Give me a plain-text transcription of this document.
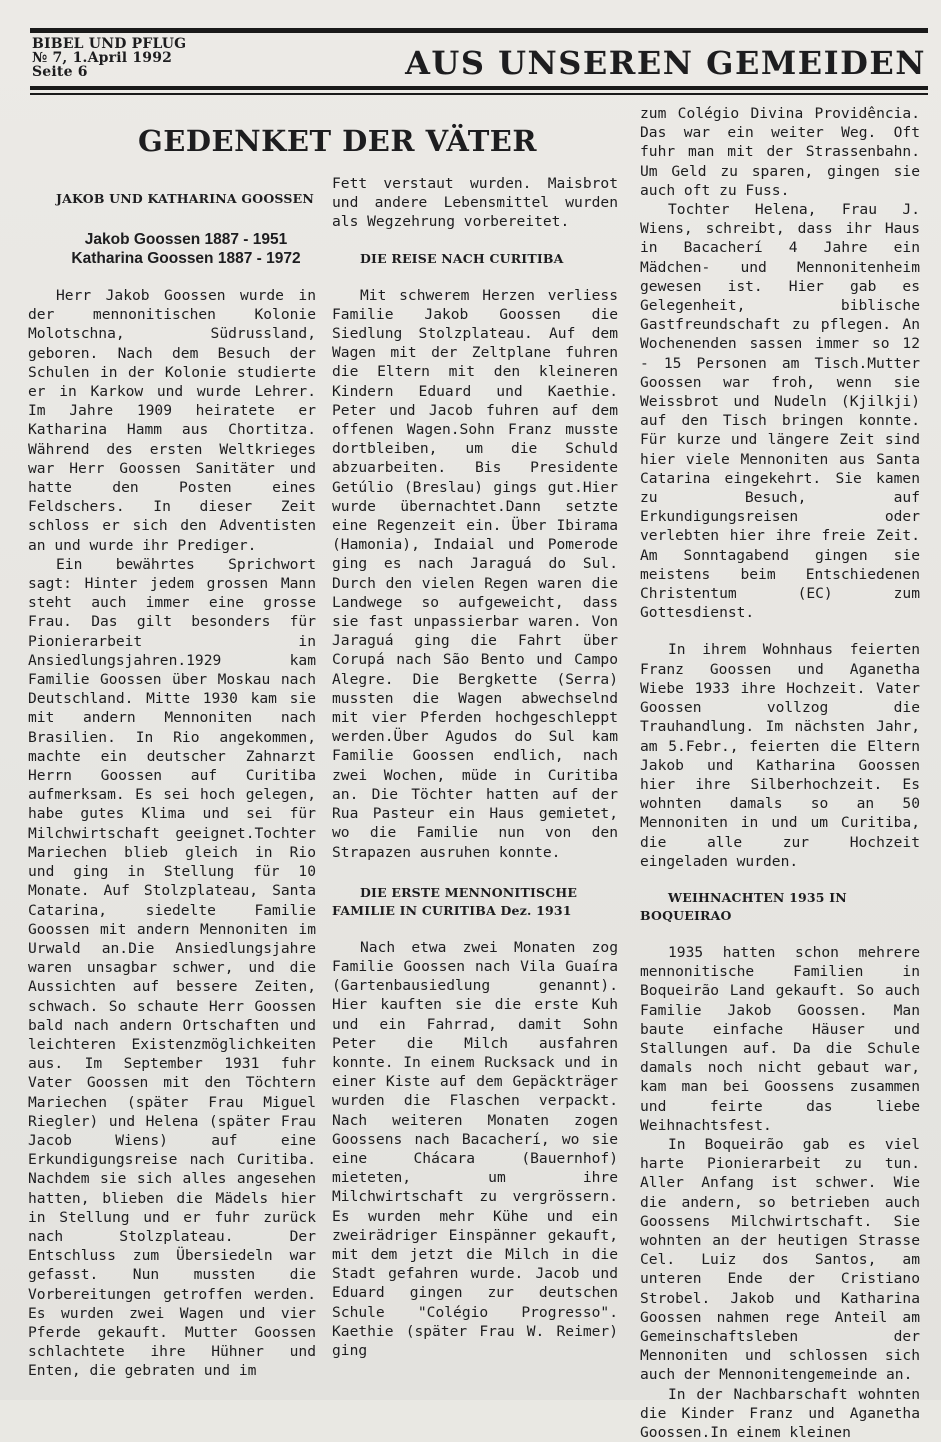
BIBEL UND PFLUG
№ 7, 1.April 1992
Seite 6	AUS UNSEREN GEMEIDEN
GEDENKET DER VÄTER

JAKOB UND KATHARINA GOOSSEN

Jakob Goossen 1887 - 1951

Katharina Goossen 1887 - 1972

Herr Jakob Goossen wurde in der mennonitischen Kolonie Molotschna, Südrussland, geboren. Nach dem Besuch der Schulen in der Kolonie studierte er in Karkow und wurde Lehrer. Im Jahre 1909 heiratete er Katharina Hamm aus Chortitza. Während des ersten Weltkrieges war Herr Goossen Sanitäter und hatte den Posten eines Feldschers. In dieser Zeit schloss er sich den Adventisten an und wurde ihr Prediger.

Ein bewährtes Sprichwort sagt: Hinter jedem grossen Mann steht auch immer eine grosse Frau. Das gilt besonders für Pionierarbeit in Ansiedlungsjahren.1929 kam Familie Goossen über Moskau nach Deutschland. Mitte 1930 kam sie mit andern Mennoniten nach Brasilien. In Rio angekommen, machte ein deutscher Zahnarzt Herrn Goossen auf Curitiba aufmerksam. Es sei hoch gelegen, habe gutes Klima und sei für Milchwirtschaft geeignet.Tochter Mariechen blieb gleich in Rio und ging in Stellung für 10 Monate. Auf Stolzplateau, Santa Catarina, siedelte Familie Goossen mit andern Mennoniten im Urwald an.Die Ansiedlungsjahre waren unsagbar schwer, und die Aussichten auf bessere Zeiten, schwach. So schaute Herr Goossen bald nach andern Ortschaften und leichteren Existenzmöglichkeiten aus. Im September 1931 fuhr Vater Goossen mit den Töchtern Mariechen (später Frau Miguel Riegler) und Helena (später Frau Jacob Wiens) auf eine Erkundigungsreise nach Curitiba. Nachdem sie sich alles angesehen hatten, blieben die Mädels hier in Stellung und er fuhr zurück nach Stolzplateau. Der Entschluss zum Übersiedeln war gefasst. Nun mussten die Vorbereitungen getroffen werden. Es wurden zwei Wagen und vier Pferde gekauft. Mutter Goossen schlachtete ihre Hühner und Enten, die gebraten und im

Fett verstaut wurden. Maisbrot und andere Lebensmittel wurden als Wegzehrung vorbereitet.

DIE REISE NACH CURITIBA

Mit schwerem Herzen verliess Familie Jakob Goossen die Siedlung Stolzplateau. Auf dem Wagen mit der Zeltplane fuhren die Eltern mit den kleineren Kindern Eduard und Kaethie. Peter und Jacob fuhren auf dem offenen Wagen.Sohn Franz musste dortbleiben, um die Schuld abzuarbeiten. Bis Presidente Getúlio (Breslau) gings gut.Hier wurde übernachtet.Dann setzte eine Regenzeit ein. Über Ibirama (Hamonia), Indaial und Pomerode ging es nach Jaraguá do Sul. Durch den vielen Regen waren die Landwege so aufgeweicht, dass sie fast unpassierbar waren. Von Jaraguá ging die Fahrt über Corupá nach São Bento und Campo Alegre. Die Bergkette (Serra) mussten die Wagen abwechselnd mit vier Pferden hochgeschleppt werden.Über Agudos do Sul kam Familie Goossen endlich, nach zwei Wochen, müde in Curitiba an. Die Töchter hatten auf der Rua Pasteur ein Haus gemietet, wo die Familie nun von den Strapazen ausruhen konnte.

DIE ERSTE MENNONITISCHE FAMILIE IN CURITIBA Dez. 1931

Nach etwa zwei Monaten zog Familie Goossen nach Vila Guaíra (Gartenbausiedlung genannt). Hier kauften sie die erste Kuh und ein Fahrrad, damit Sohn Peter die Milch ausfahren konnte. In einem Rucksack und in einer Kiste auf dem Gepäckträger wurden die Flaschen verpackt. Nach weiteren Monaten zogen Goossens nach Bacacherí, wo sie eine Chácara (Bauernhof) mieteten, um ihre Milchwirtschaft zu vergrössern. Es wurden mehr Kühe und ein zweirädriger Einspänner gekauft, mit dem jetzt die Milch in die Stadt gefahren wurde. Jacob und Eduard gingen zur deutschen Schule "Colégio Progresso". Kaethie (später Frau W. Reimer) ging

zum Colégio Divina Providência. Das war ein weiter Weg. Oft fuhr man mit der Strassenbahn. Um Geld zu sparen, gingen sie auch oft zu Fuss.

Tochter Helena, Frau J. Wiens, schreibt, dass ihr Haus in Bacacherí 4 Jahre ein Mädchen- und Mennonitenheim gewesen ist. Hier gab es Gelegenheit, biblische Gastfreundschaft zu pflegen. An Wochenenden sassen immer so 12 - 15 Personen am Tisch.Mutter Goossen war froh, wenn sie Weissbrot und Nudeln (Kjilkji) auf den Tisch bringen konnte. Für kurze und längere Zeit sind hier viele Mennoniten aus Santa Catarina eingekehrt. Sie kamen zu Besuch, auf Erkundigungsreisen oder verlebten hier ihre freie Zeit. Am Sonntagabend gingen sie meistens beim Entschiedenen Christentum (EC) zum Gottesdienst.

In ihrem Wohnhaus feierten Franz Goossen und Aganetha Wiebe 1933 ihre Hochzeit. Vater Goossen vollzog die Trauhandlung. Im nächsten Jahr, am 5.Febr., feierten die Eltern Jakob und Katharina Goossen hier ihre Silberhochzeit. Es wohnten damals so an 50 Mennoniten in und um Curitiba, die alle zur Hochzeit eingeladen wurden.

WEIHNACHTEN 1935 IN BOQUEIRAO

1935 hatten schon mehrere mennonitische Familien in Boqueirão Land gekauft. So auch Familie Jakob Goossen. Man baute einfache Häuser und Stallungen auf. Da die Schule damals noch nicht gebaut war, kam man bei Goossens zusammen und feirte das liebe Weihnachtsfest.

In Boqueirão gab es viel harte Pionierarbeit zu tun. Aller Anfang ist schwer. Wie die andern, so betrieben auch Goossens Milchwirtschaft. Sie wohnten an der heutigen Strasse Cel. Luiz dos Santos, am unteren Ende der Cristiano Strobel. Jakob und Katharina Goossen nahmen rege Anteil am Gemeinschaftsleben der Mennoniten und schlossen sich auch der Mennonitengemeinde an.

In der Nachbarschaft wohnten die Kinder Franz und Aganetha Goossen.In einem kleinen
